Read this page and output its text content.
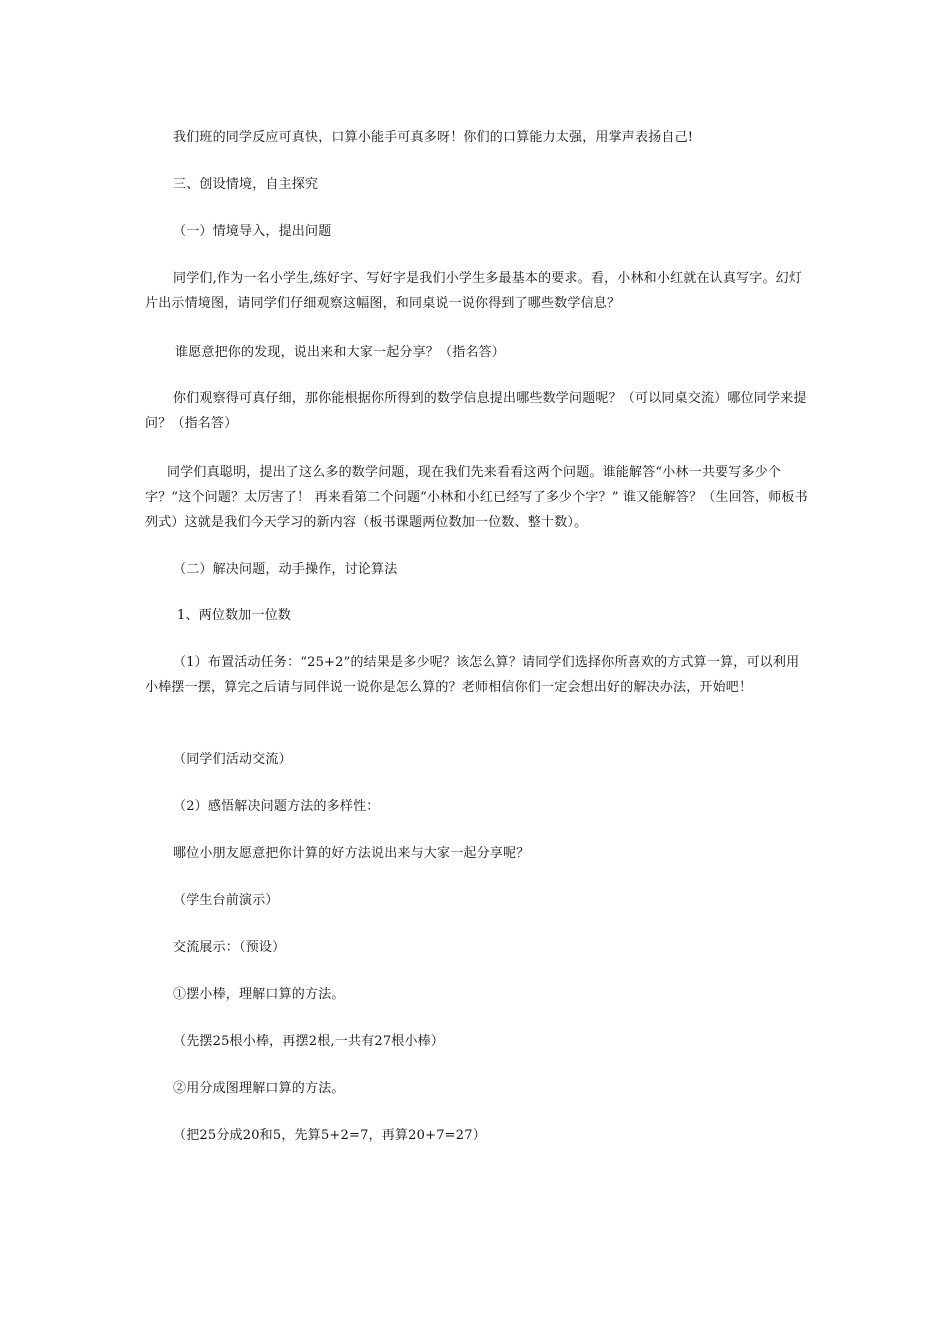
我们班的同学反应可真快，口算小能手可真多呀！你们的口算能力太强，用掌声表扬自己!

三、创设情境，自主探究

（一）情境导入，提出问题

同学们,作为一名小学生,练好字、写好字是我们小学生多最基本的要求。看，小林和小红就在认真写字。幻灯片出示情境图，请同学们仔细观察这幅图，和同桌说一说你得到了哪些数学信息？

谁愿意把你的发现，说出来和大家一起分享？（指名答）

你们观察得可真仔细，那你能根据你所得到的数学信息提出哪些数学问题呢？（可以同桌交流）哪位同学来提问？（指名答）

同学们真聪明，提出了这么多的数学问题，现在我们先来看看这两个问题。谁能解答“小林一共要写多少个字？”这个问题？太厉害了！ 再来看第二个问题“小林和小红已经写了多少个字？” 谁又能解答？（生回答，师板书列式）这就是我们今天学习的新内容（板书课题两位数加一位数、整十数）。

（二）解决问题，动手操作，讨论算法

1、两位数加一位数

（1）布置活动任务：“25+2”的结果是多少呢？该怎么算？请同学们选择你所喜欢的方式算一算，可以利用小棒摆一摆，算完之后请与同伴说一说你是怎么算的？老师相信你们一定会想出好的解决办法，开始吧！

（同学们活动交流）

（2）感悟解决问题方法的多样性：

哪位小朋友愿意把你计算的好方法说出来与大家一起分享呢？

（学生台前演示）

交流展示：（预设）

①摆小棒，理解口算的方法。

（先摆25根小棒，再摆2根,一共有27根小棒）

②用分成图理解口算的方法。

（把25分成20和5，先算5+2=7，再算20+7=27）
